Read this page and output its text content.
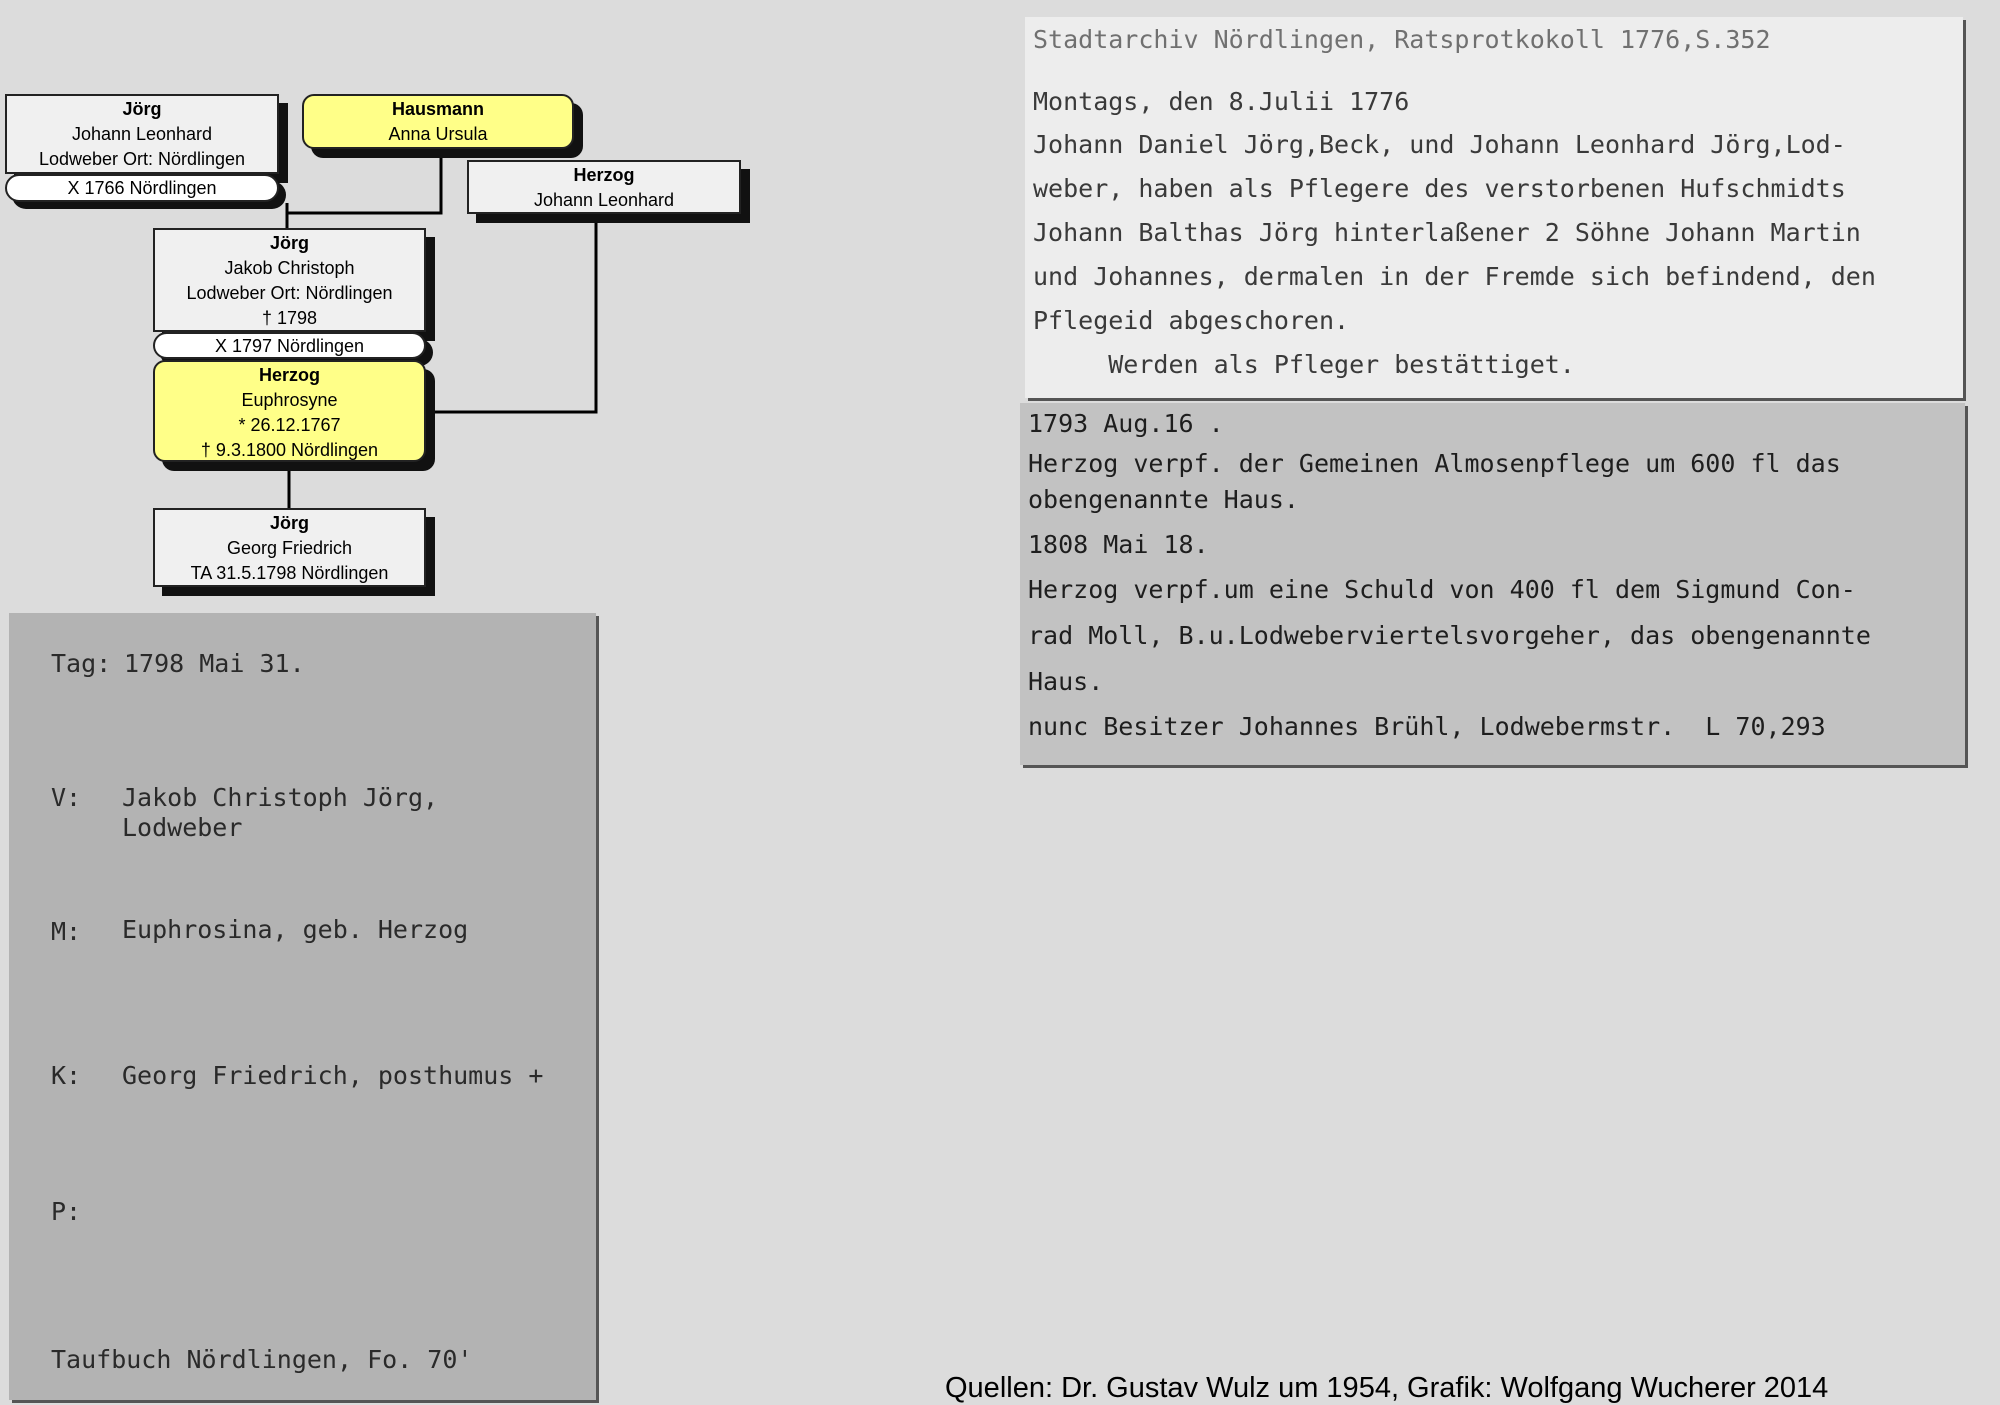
Jörg
Johann Leonhard
Lodweber Ort: Nördlingen
X 1766 Nördlingen
Hausmann
Anna Ursula
Herzog
Johann Leonhard
Jörg
Jakob Christoph
Lodweber Ort: Nördlingen
† 1798
X 1797 Nördlingen
Herzog
Euphrosyne
* 26.12.1767
† 9.3.1800 Nördlingen
Jörg
Georg Friedrich
TA 31.5.1798 Nördlingen
Tag: 1798 Mai 31.
V: Jakob Christoph Jörg,
Lodweber
M: Euphrosina, geb. Herzog
K: Georg Friedrich, posthumus +
P:
Taufbuch Nördlingen, Fo. 70'
Stadtarchiv Nördlingen, Ratsprotkokoll 1776,S.352
Montags, den 8.Julii 1776
Johann Daniel Jörg,Beck, und Johann Leonhard Jörg,Lod-
weber, haben als Pflegere des verstorbenen Hufschmidts
Johann Balthas Jörg hinterlaßener 2 Söhne Johann Martin
und Johannes, dermalen in der Fremde sich befindend, den
Pflegeid abgeschoren.
Werden als Pfleger bestättiget.
1793 Aug.16 .
Herzog verpf. der Gemeinen Almosenpflege um 600 fl das
obengenannte Haus.
1808 Mai 18.
Herzog verpf.um eine Schuld von 400 fl dem Sigmund Con-
rad Moll, B.u.Lodweberviertelsvorgeher, das obengenannte
Haus.
nunc Besitzer Johannes Brühl, Lodwebermstr.  L 70,293
Quellen: Dr. Gustav Wulz um 1954, Grafik: Wolfgang Wucherer 2014
